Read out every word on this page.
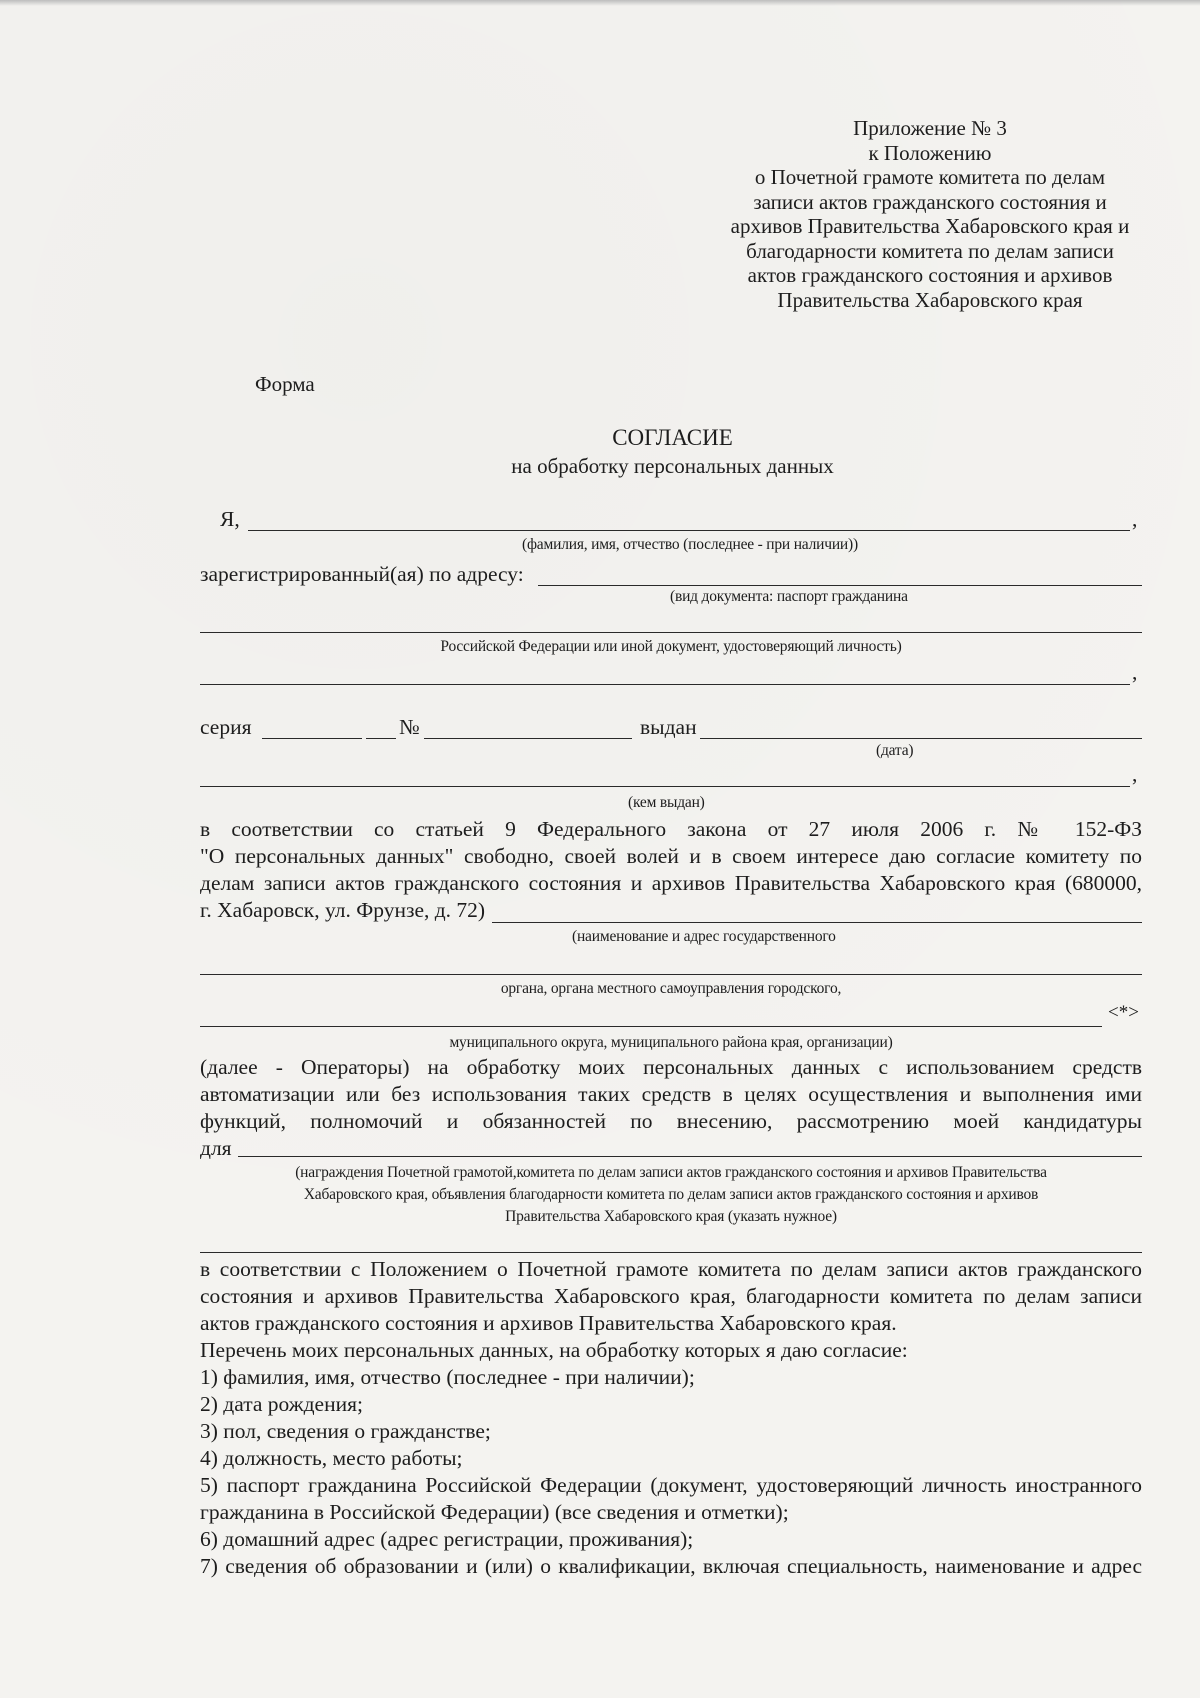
Приложение № 3
к Положению
о Почетной грамоте комитета по делам
записи актов гражданского состояния и
архивов Правительства Хабаровского края и
благодарности комитета по делам записи
актов гражданского состояния и архивов
Правительства Хабаровского края
Форма
СОГЛАСИЕ
на обработку персональных данных
Я,	,
(фамилия, имя, отчество (последнее - при наличии))
зарегистрированный(ая) по адресу:
(вид документа: паспорт гражданина
Российской Федерации или иной документ, удостоверяющий личность)
,
серия	№	выдан
(дата)
,
(кем выдан)
в соответствии со статьей 9 Федерального закона от 27 июля 2006 г. № 152-ФЗ
"О персональных данных" свободно, своей волей и в своем интересе даю согласие комитету по
делам записи актов гражданского состояния и архивов Правительства Хабаровского края (680000,
г. Хабаровск, ул. Фрунзе, д. 72)
(наименование и адрес государственного
органа, органа местного самоуправления городского,
<*>
муниципального округа, муниципального района края, организации)
(далее - Операторы) на обработку моих персональных данных с использованием средств
автоматизации или без использования таких средств в целях осуществления и выполнения ими
функций, полномочий и обязанностей по внесению, рассмотрению моей кандидатуры
для
(награждения Почетной грамотой,комитета по делам записи актов гражданского состояния и архивов Правительства
Хабаровского края, объявления благодарности комитета по делам записи актов гражданского состояния и архивов
Правительства Хабаровского края (указать нужное)
в соответствии с Положением о Почетной грамоте комитета по делам записи актов гражданского
состояния и архивов Правительства Хабаровского края, благодарности комитета по делам записи
актов гражданского состояния и архивов Правительства Хабаровского края.
Перечень моих персональных данных, на обработку которых я даю согласие:
1) фамилия, имя, отчество (последнее - при наличии);
2) дата рождения;
3) пол, сведения о гражданстве;
4) должность, место работы;
5) паспорт гражданина Российской Федерации (документ, удостоверяющий личность иностранного
гражданина в Российской Федерации) (все сведения и отметки);
6) домашний адрес (адрес регистрации, проживания);
7) сведения об образовании и (или) о квалификации, включая специальность, наименование и адрес
